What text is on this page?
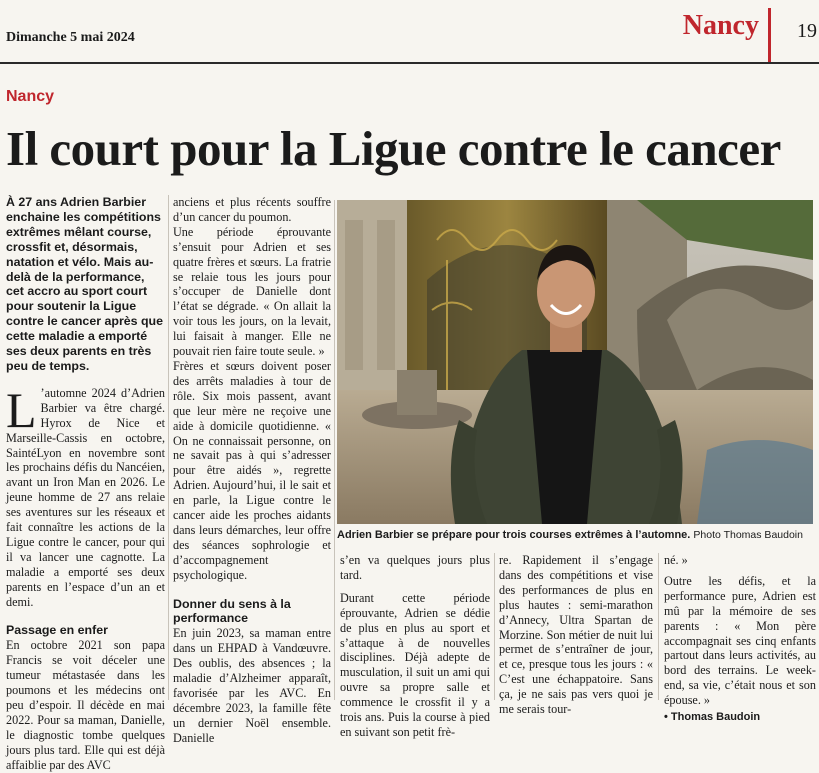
Dimanche 5 mai 2024	Nancy 19
Nancy
Il court pour la Ligue contre le cancer

À 27 ans Adrien Barbier enchaine les compétitions extrêmes mêlant course, crossfit et, désormais, natation et vélo. Mais au-delà de la performance, cet accro au sport court pour soutenir la Ligue contre le cancer après que cette maladie a emporté ses deux parents en très peu de temps.

L ’automne 2024 d’Adrien Barbier va être chargé. Hyrox de Nice et Marseille-Cassis en octobre, SaintéLyon en novembre sont les prochains défis du Nancéien, avant un Iron Man en 2026. Le jeune homme de 27 ans relaie ses aventures sur les réseaux et fait connaître les actions de la Ligue contre le cancer, pour qui il va lancer une cagnotte. La maladie a emporté ses deux parents en l’espace d’un an et demi.

Passage en enfer

En octobre 2021 son papa Francis se voit déceler une tumeur métastasée dans les poumons et les médecins ont peu d’espoir. Il décède en mai 2022. Pour sa maman, Danielle, le diagnostic tombe quelques jours plus tard. Elle qui est déjà affaiblie par des AVC

anciens et plus récents souffre d’un cancer du poumon.

Une période éprouvante s’ensuit pour Adrien et ses quatre frères et sœurs. La fratrie se relaie tous les jours pour s’occuper de Danielle dont l’état se dégrade. « On allait la voir tous les jours, on la levait, lui faisait à manger. Elle ne pouvait rien faire toute seule. »

Frères et sœurs doivent poser des arrêts maladies à tour de rôle. Six mois passent, avant que leur mère ne reçoive une aide à domicile quotidienne. « On ne connaissait personne, on ne savait pas à qui s’adresser pour être aidés », regrette Adrien. Aujourd’hui, il le sait et en parle, la Ligue contre le cancer aide les proches aidants dans leurs démarches, leur offre des séances sophrologie et d’accompagnement psychologique.

Donner du sens à la performance

En juin 2023, sa maman entre dans un EHPAD à Vandœuvre. Des oublis, des absences ; la maladie d’Alzheimer apparaît, favorisée par les AVC. En décembre 2023, la famille fête un dernier Noël ensemble. Danielle

Adrien Barbier se prépare pour trois courses extrêmes à l’automne. Photo Thomas Baudoin

s’en va quelques jours plus tard.

Durant cette période éprouvante, Adrien se dédie de plus en plus au sport et s’attaque à de nouvelles disciplines. Déjà adepte de musculation, il suit un ami qui ouvre sa propre salle et commence le crossfit il y a trois ans. Puis la course à pied en suivant son petit frè-

re. Rapidement il s’engage dans des compétitions et vise des performances de plus en plus hautes : semi-marathon d’Annecy, Ultra Spartan de Morzine. Son métier de nuit lui permet de s’entraîner de jour, et ce, presque tous les jours : « C’est une échappatoire. Sans ça, je ne sais pas vers quoi je me serais tour-

né. »

Outre les défis, et la performance pure, Adrien est mû par la mémoire de ses parents : « Mon père accompagnait ses cinq enfants partout dans leurs activités, au bord des terrains. Le week-end, sa vie, c’était nous et son épouse. »

• Thomas Baudoin
